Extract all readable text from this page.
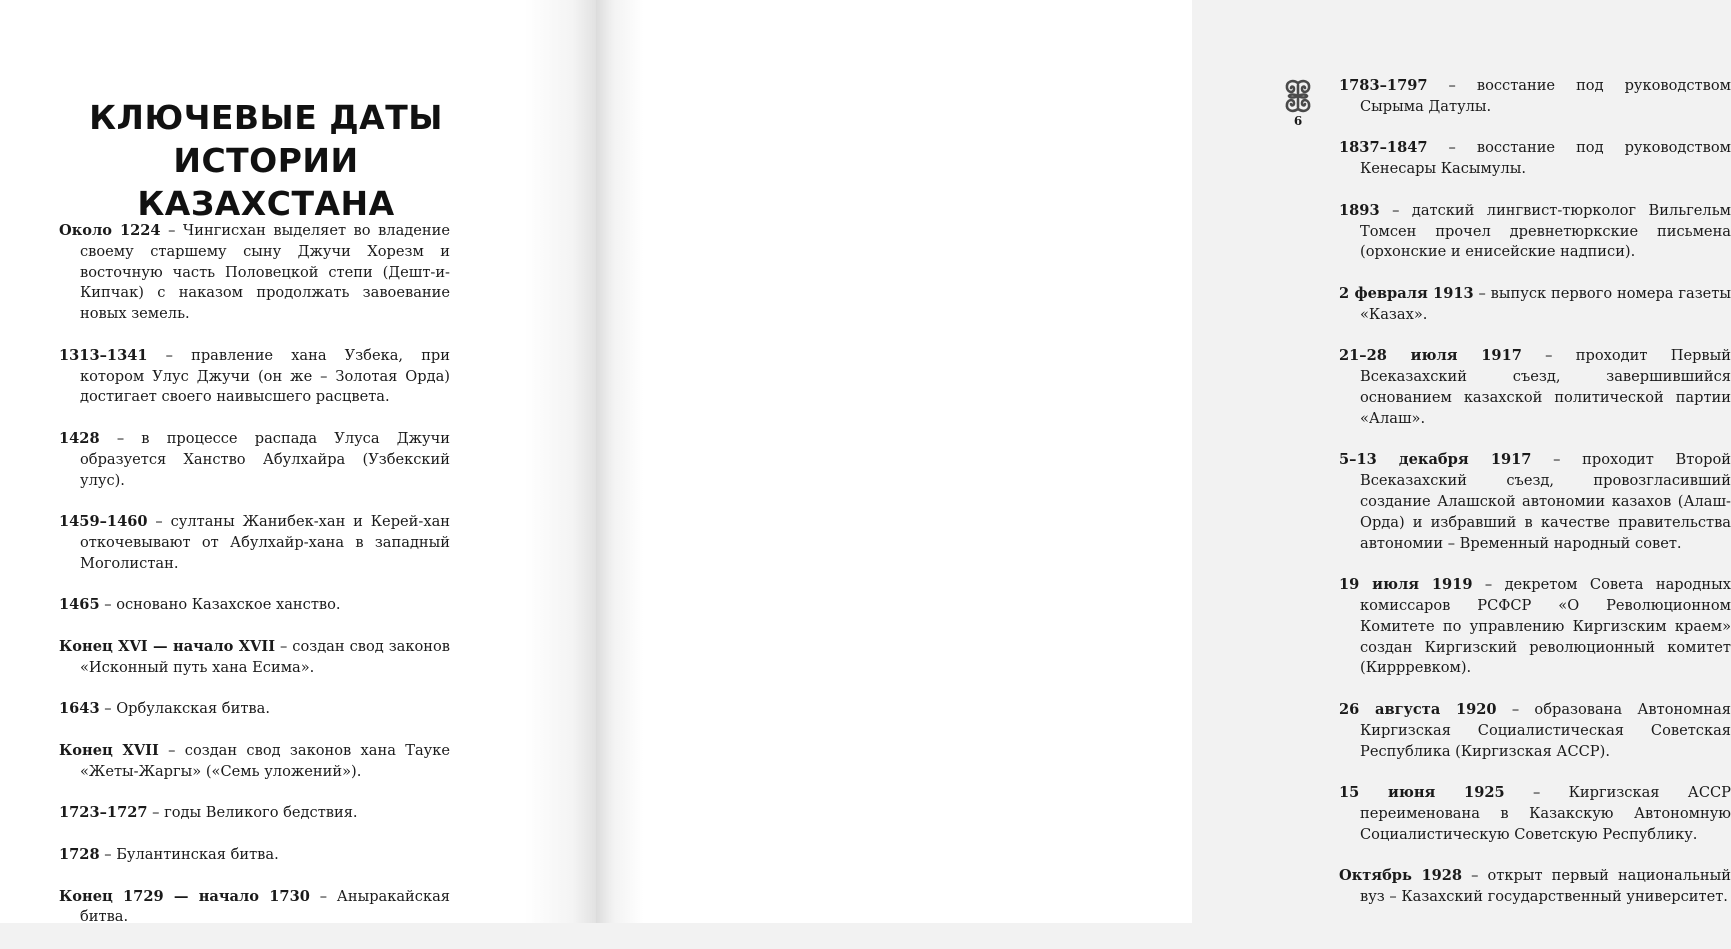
КЛЮЧЕВЫЕ ДАТЫ
ИСТОРИИ
КАЗАХСТАНА
Около 1224 – Чингисхан выделяет во владение своему старшему сыну Джучи Хорезм и восточную часть Половецкой степи (Дешт-и-Кипчак) с наказом продолжать завоевание новых земель.
1313–1341 – правление хана Узбека, при котором Улус Джучи (он же – Золотая Орда) достигает своего наивысшего расцвета.
1428 – в процессе распада Улуса Джучи образуется Ханство Абулхайра (Узбекский улус).
1459–1460 – султаны Жанибек-хан и Керей-хан откочевывают от Абулхайр-хана в западный Моголистан.
1465 – основано Казахское ханство.
Конец XVI — начало XVII – создан свод законов «Исконный путь хана Есима».
1643 – Орбулакская битва.
Конец XVII – создан свод законов хана Тауке «Жеты-Жаргы» («Семь уложений»).
1723–1727 – годы Великого бедствия.
1728 – Булантинская битва.
Конец 1729 — начало 1730 – Аныракайская битва.
6
1783–1797 – восстание под руководством Сырыма Датулы.
1837–1847 – восстание под руководством Кенесары Касымулы.
1893 – датский лингвист-тюрколог Вильгельм Томсен прочел древнетюркские письмена (орхонские и енисейские надписи).
2 февраля 1913 – выпуск первого номера газеты «Казах».
21–28 июля 1917 – проходит Первый Всеказахский съезд, завершившийся основанием казахской политической партии «Алаш».
5–13 декабря 1917 – проходит Второй Всеказахский съезд, провозгласивший создание Алашской автономии казахов (Алаш-Орда) и избравший в качестве правительства автономии – Временный народный совет.
19 июля 1919 – декретом Совета народных комиссаров РСФСР «О Революционном Комитете по управлению Киргизским краем» создан Киргизский революционный комитет (Киррревком).
26 августа 1920 – образована Автономная Киргизская Социалистическая Советская Республика (Киргизская АССР).
15 июня 1925 – Киргизская АССР переименована в Казакскую Автономную Социалистическую Советскую Республику.
Октябрь 1928 – открыт первый национальный вуз – Казахский государственный университет.
